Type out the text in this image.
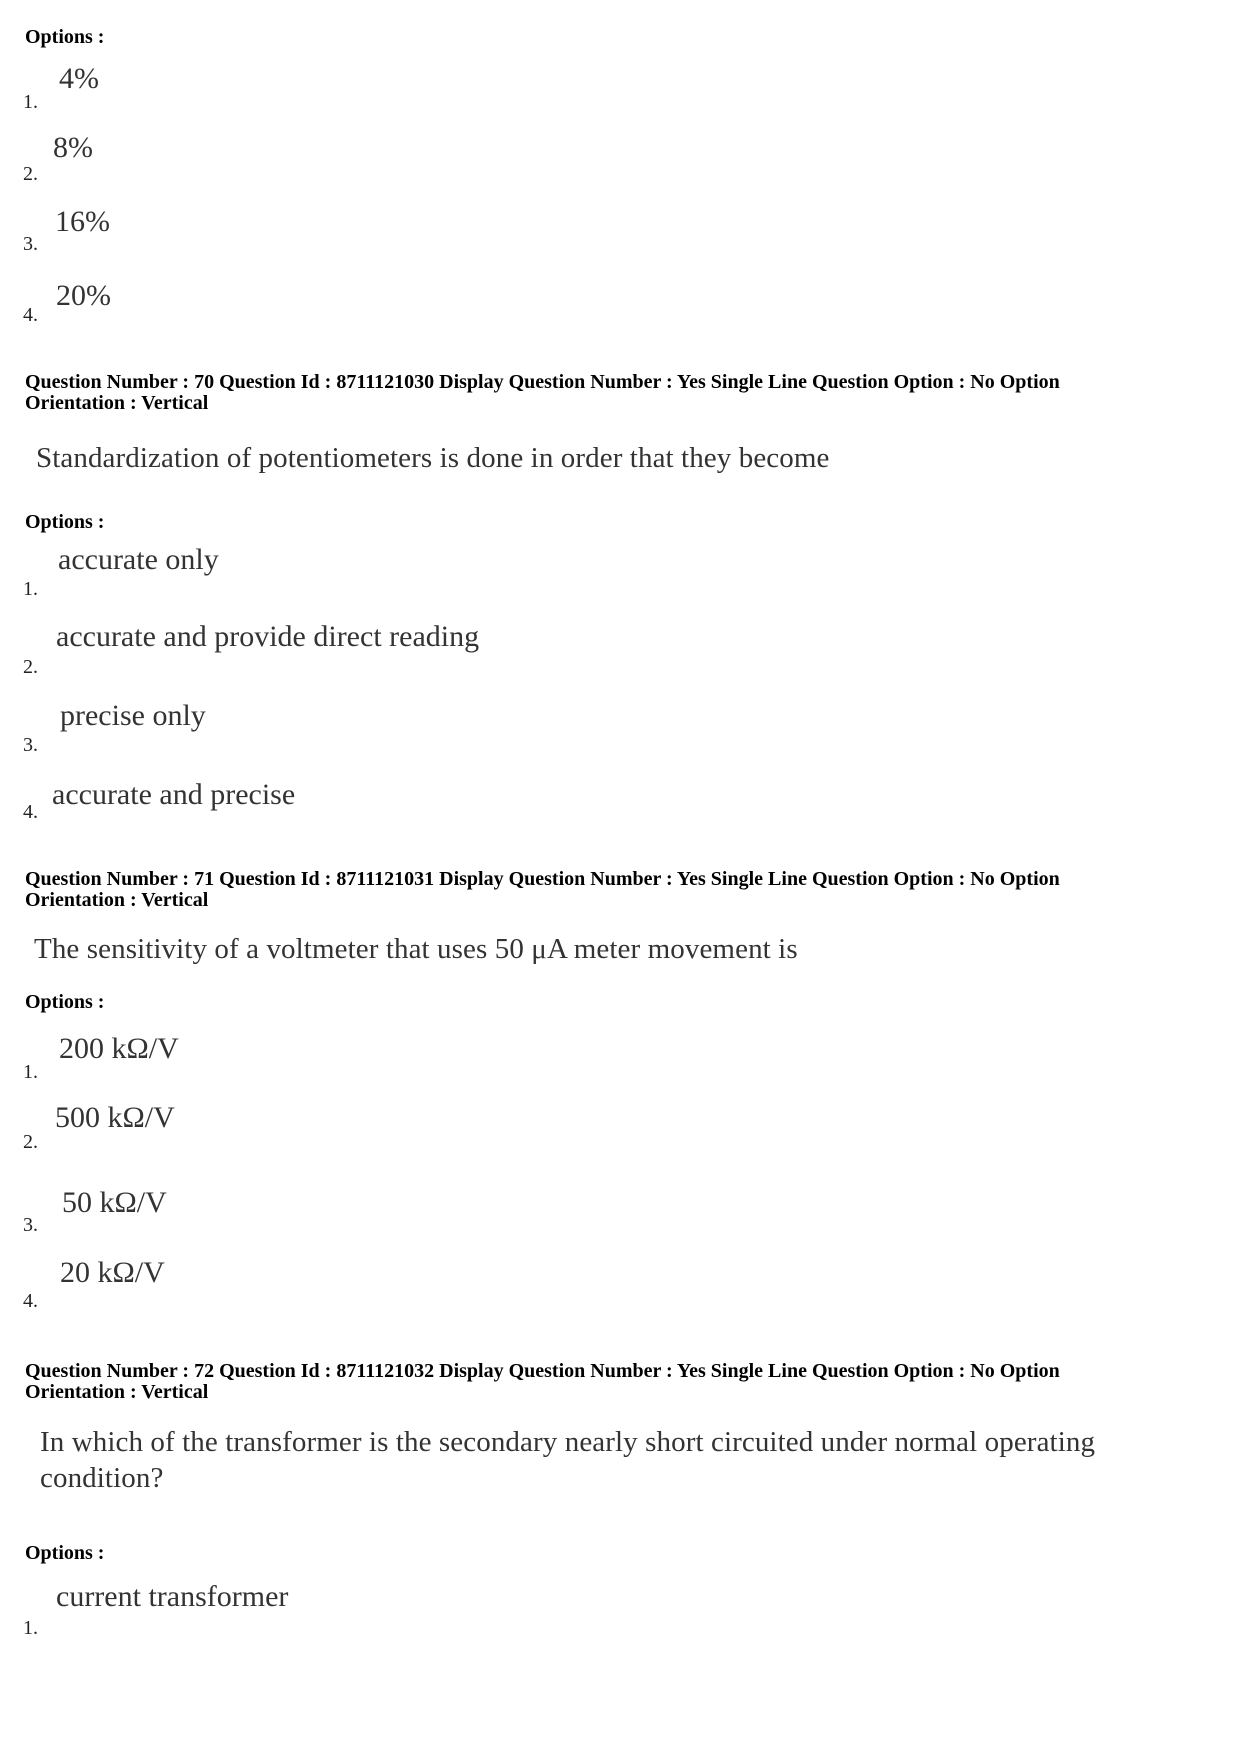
Options :
4%
1.
8%
2.
16%
3.
20%
4.
Question Number : 70 Question Id : 8711121030 Display Question Number : Yes Single Line Question Option : No Option
Orientation : Vertical
Standardization of potentiometers is done in order that they become
Options :
accurate only
1.
accurate and provide direct reading
2.
precise only
3.
accurate and precise
4.
Question Number : 71 Question Id : 8711121031 Display Question Number : Yes Single Line Question Option : No Option
Orientation : Vertical
The sensitivity of a voltmeter that uses 50 μA meter movement is
Options :
200 kΩ/V
1.
500 kΩ/V
2.
50 kΩ/V
3.
20 kΩ/V
4.
Question Number : 72 Question Id : 8711121032 Display Question Number : Yes Single Line Question Option : No Option
Orientation : Vertical
In which of the transformer is the secondary nearly short circuited under normal operating
condition?
Options :
current transformer
1.
